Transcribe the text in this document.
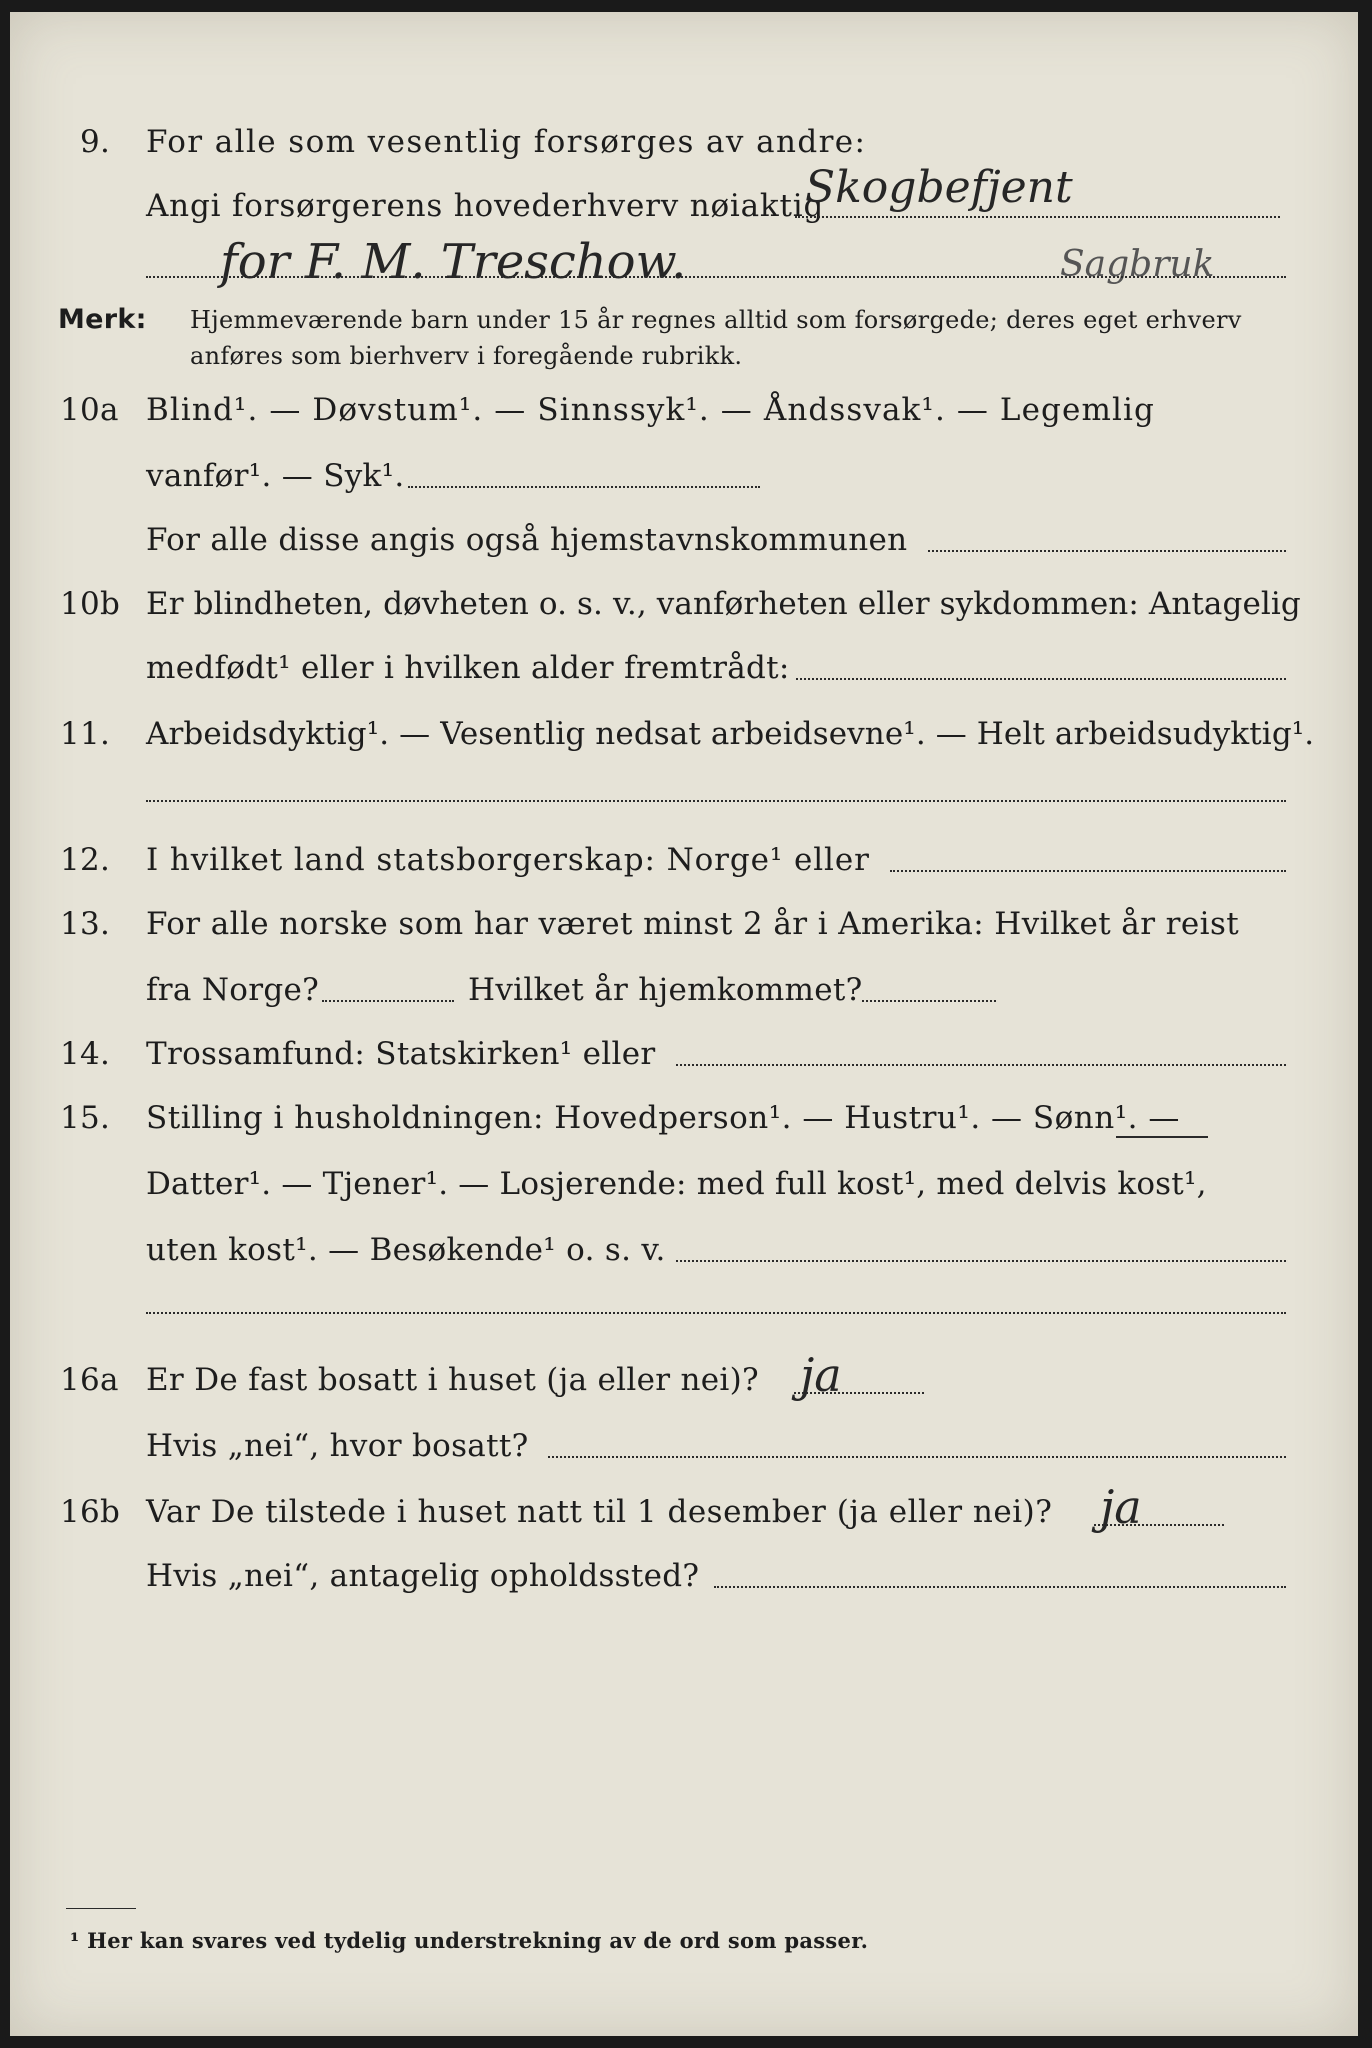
9. For alle som vesentlig forsørges av andre:
Angi forsørgerens hovederhverv nøiaktig
Skogbefjent
for F. M. Treschow.	Sagbruk
Merk: Hjemmeværende barn under 15 år regnes alltid som forsørgede; deres eget erhverv
anføres som bierhverv i foregående rubrikk.
10a Blind¹. — Døvstum¹. — Sinnssyk¹. — Åndssvak¹. — Legemlig
vanfør¹. — Syk¹.
For alle disse angis også hjemstavnskommunen
10b Er blindheten, døvheten o. s. v., vanførheten eller sykdommen: Antagelig
medfødt¹ eller i hvilken alder fremtrådt:
11. Arbeidsdyktig¹. — Vesentlig nedsat arbeidsevne¹. — Helt arbeidsudyktig¹.
12. I hvilket land statsborgerskap: Norge¹ eller
13. For alle norske som har været minst 2 år i Amerika: Hvilket år reist
fra Norge?	Hvilket år hjemkommet?
14. Trossamfund: Statskirken¹ eller
15. Stilling i husholdningen: Hovedperson¹. — Hustru¹. — Sønn¹. —
Datter¹. — Tjener¹. — Losjerende: med full kost¹, med delvis kost¹,
uten kost¹. — Besøkende¹ o. s. v.
16a Er De fast bosatt i huset (ja eller nei)? ja
Hvis „nei“, hvor bosatt?
16b Var De tilstede i huset natt til 1 desember (ja eller nei)? ja
Hvis „nei“, antagelig opholdssted?
¹ Her kan svares ved tydelig understrekning av de ord som passer.
